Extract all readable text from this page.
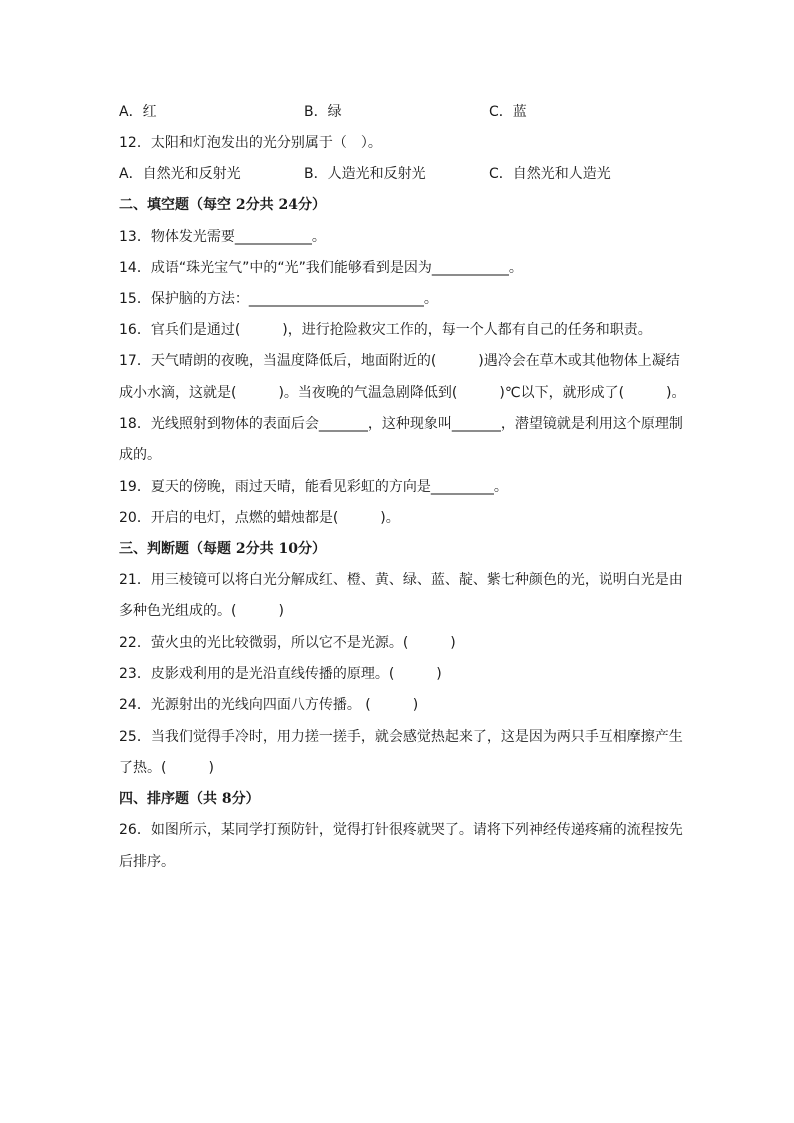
A．红	B．绿	C．蓝
12．太阳和灯泡发出的光分别属于（　）。
A．自然光和反射光	B．人造光和反射光	C．自然光和人造光
二、填空题（每空 2分共 24分）
13．物体发光需要___________。
14．成语“珠光宝气”中的“光”我们能够看到是因为___________。
15．保护脑的方法：_________________________。
16．官兵们是通过(　　　)，进行抢险救灾工作的，每一个人都有自己的任务和职责。
17．天气晴朗的夜晚，当温度降低后，地面附近的(　　　)遇冷会在草木或其他物体上凝结
成小水滴，这就是(　　　)。当夜晚的气温急剧降低到(　　　)℃以下，就形成了(　　　)。
18．光线照射到物体的表面后会_______，这种现象叫_______，潜望镜就是利用这个原理制
成的。
19．夏天的傍晚，雨过天晴，能看见彩虹的方向是_________。
20．开启的电灯，点燃的蜡烛都是(　　　)。
三、判断题（每题 2分共 10分）
21．用三棱镜可以将白光分解成红、橙、黄、绿、蓝、靛、紫七种颜色的光，说明白光是由
多种色光组成的。(　　　)
22．萤火虫的光比较微弱，所以它不是光源。(　　　)
23．皮影戏利用的是光沿直线传播的原理。(　　　)
24．光源射出的光线向四面八方传播。 (　　　)
25．当我们觉得手冷时，用力搓一搓手，就会感觉热起来了，这是因为两只手互相摩擦产生
了热。(　　　)
四、排序题（共 8分）
26．如图所示，某同学打预防针，觉得打针很疼就哭了。请将下列神经传递疼痛的流程按先
后排序。
